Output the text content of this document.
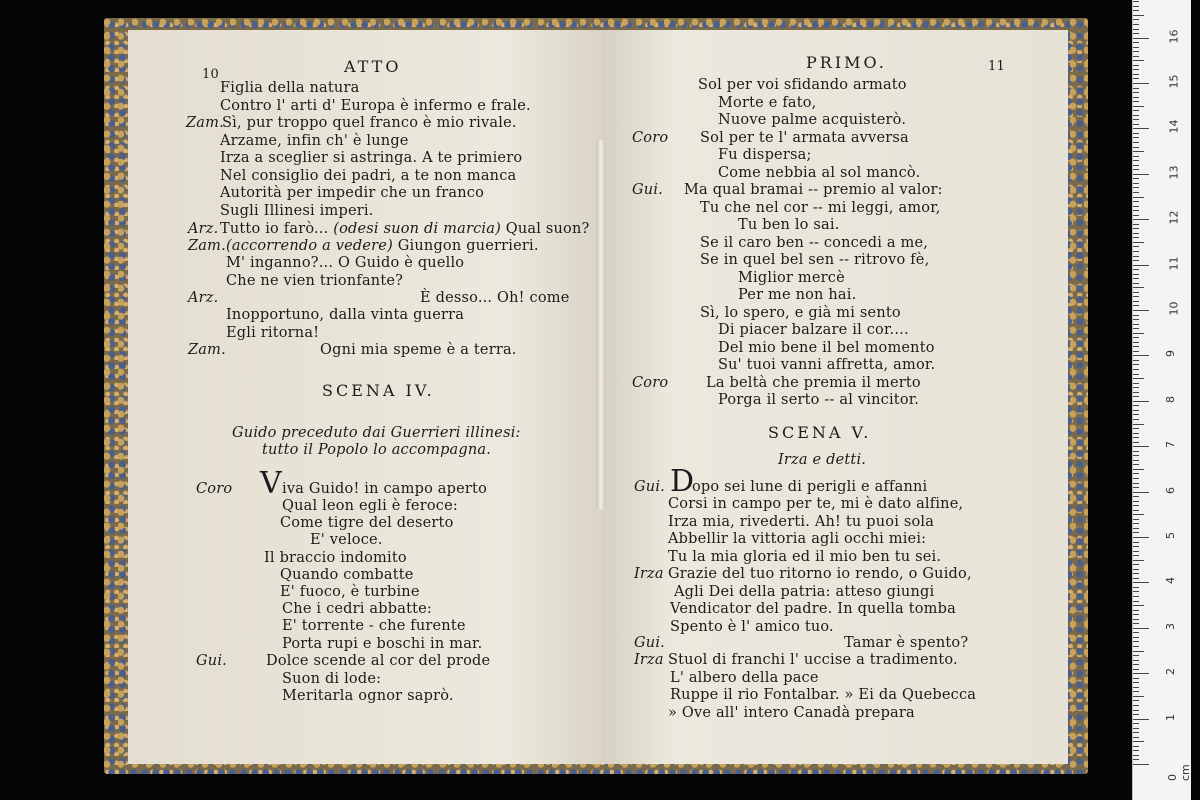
10	ATTO
Figlia della natura
Contro l' arti d' Europa è infermo e frale.
Zam.
Sì, pur troppo quel franco è mio rivale.
Arzame, infin ch' è lunge
Irza a sceglier si astringa. A te primiero
Nel consiglio dei padri, a te non manca
Autorità per impedir che un franco
Sugli Illinesi imperi.
Arz. Tutto io farò... (odesi suon di marcia) Qual suon?
Zam. (accorrendo a vedere) Giungon guerrieri.
M' inganno?... O Guido è quello
Che ne vien trionfante?
Arz.	È desso... Oh! come
Inopportuno, dalla vinta guerra
Egli ritorna!
Zam.	Ogni mia speme è a terra.
SCENA IV.
Guido preceduto dai Guerrieri illinesi:
tutto il Popolo lo accompagna.
Coro V iva Guido! in campo aperto
Qual leon egli è feroce:
Come tigre del deserto
E' veloce.
Il braccio indomito
Quando combatte
E' fuoco, è turbine
Che i cedri abbatte:
E' torrente - che furente
Porta rupi e boschi in mar.
Gui.	Dolce scende al cor del prode
Suon di lode:
Meritarla ognor saprò.
PRIMO.	11
Sol per voi sfidando armato
Morte e fato,
Nuove palme acquisterò.
Coro Sol per te l' armata avversa
Fu dispersa;
Come nebbia al sol mancò.
Gui. Ma qual bramai -- premio al valor:
Tu che nel cor -- mi leggi, amor,
Tu ben lo sai.
Se il caro ben -- concedi a me,
Se in quel bel sen -- ritrovo fè,
Miglior mercè
Per me non hai.
Sì, lo spero, e già mi sento
Di piacer balzare il cor....
Del mio bene il bel momento
Su' tuoi vanni affretta, amor.
Coro	La beltà che premia il merto
Porga il serto -- al vincitor.
SCENA V.
Irza e detti.
Gui. D
opo sei lune di perigli e affanni
Corsi in campo per te, mi è dato alfine,
Irza mia, rivederti. Ah! tu puoi sola
Abbellir la vittoria agli occhi miei:
Tu la mia gloria ed il mio ben tu sei.
Irza Grazie del tuo ritorno io rendo, o Guido,
Agli Dei della patria: atteso giungi
Vendicator del padre. In quella tomba
Spento è l' amico tuo.
Gui.	Tamar è spento?
Irza Stuol di franchi l' uccise a tradimento.
L' albero della pace
Ruppe il rio Fontalbar. » Ei da Quebecca
» Ove all' intero Canadà prepara
0 cm
1
2
3
4
5
6
7
8
9
10
11
12
13
14
15
16
